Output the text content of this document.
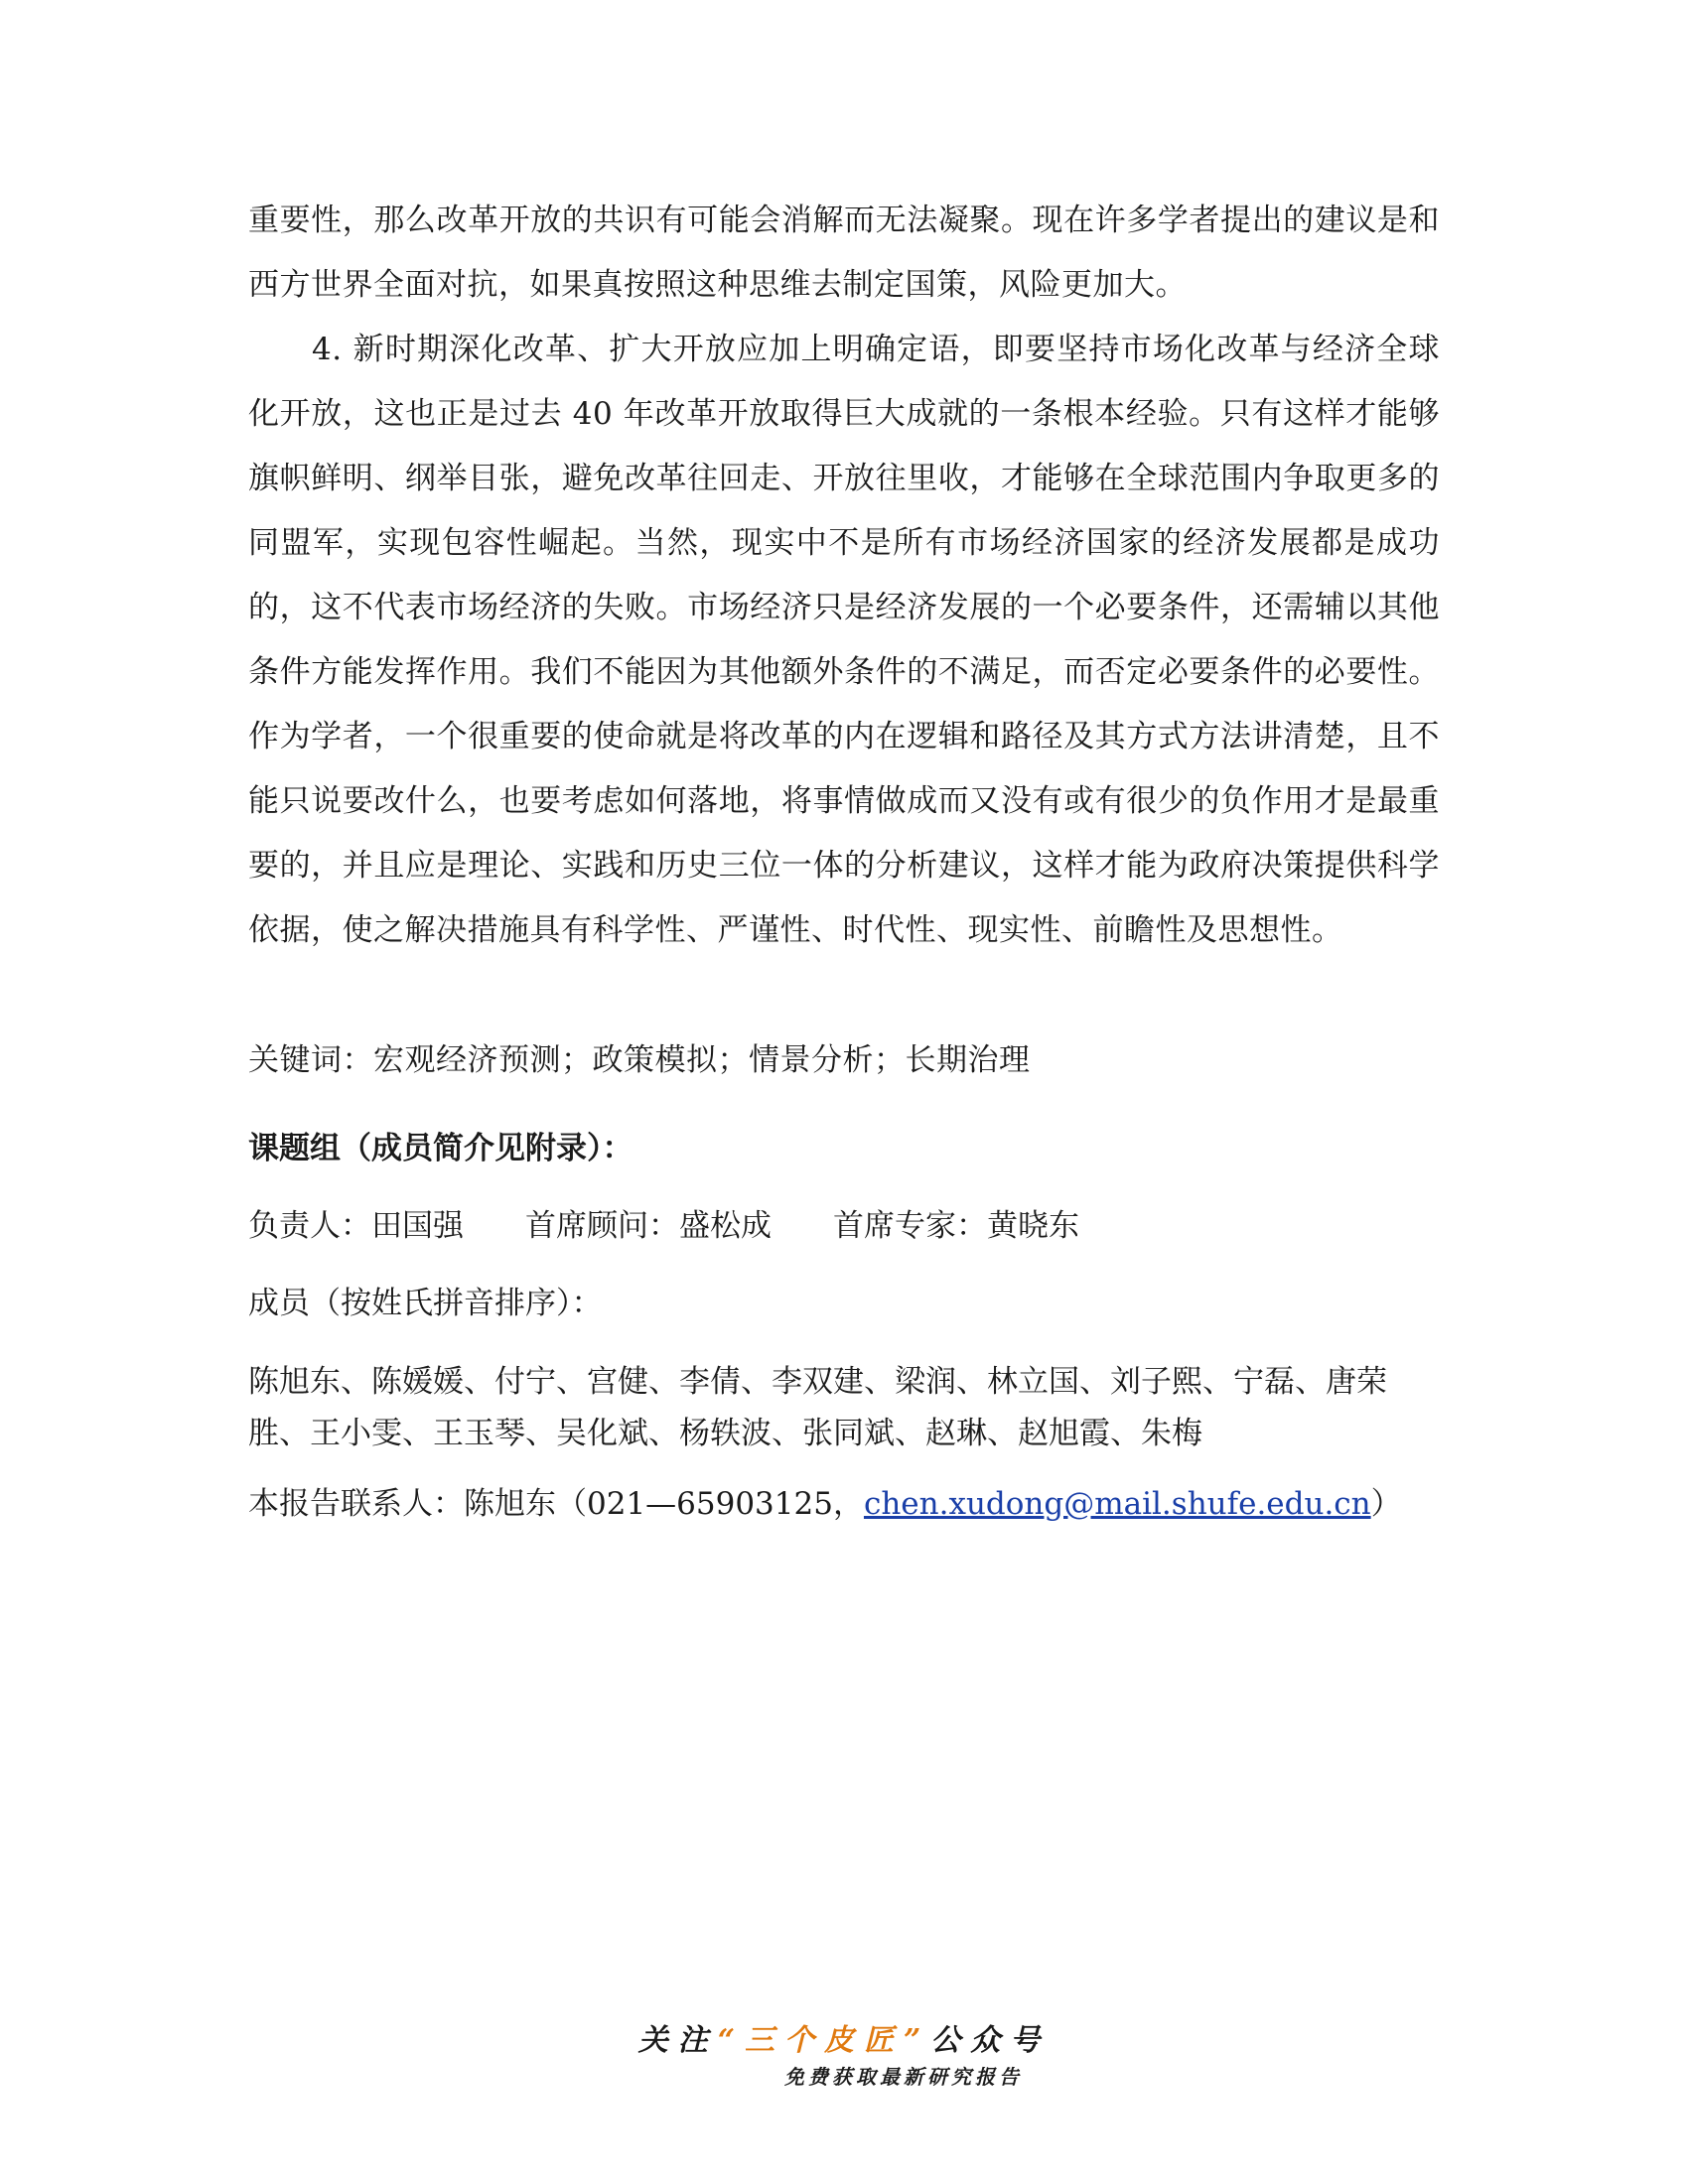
重要性，那么改革开放的共识有可能会消解而无法凝聚。现在许多学者提出的建议是和西方世界全面对抗，如果真按照这种思维去制定国策，风险更加大。

4. 新时期深化改革、扩大开放应加上明确定语，即要坚持市场化改革与经济全球化开放，这也正是过去 40 年改革开放取得巨大成就的一条根本经验。只有这样才能够旗帜鲜明、纲举目张，避免改革往回走、开放往里收，才能够在全球范围内争取更多的同盟军，实现包容性崛起。当然，现实中不是所有市场经济国家的经济发展都是成功的，这不代表市场经济的失败。市场经济只是经济发展的一个必要条件，还需辅以其他条件方能发挥作用。我们不能因为其他额外条件的不满足，而否定必要条件的必要性。作为学者，一个很重要的使命就是将改革的内在逻辑和路径及其方式方法讲清楚，且不能只说要改什么，也要考虑如何落地，将事情做成而又没有或有很少的负作用才是最重要的，并且应是理论、实践和历史三位一体的分析建议，这样才能为政府决策提供科学依据，使之解决措施具有科学性、严谨性、时代性、现实性、前瞻性及思想性。

关键词：宏观经济预测；政策模拟；情景分析；长期治理

课题组（成员简介见附录）：

负责人：田国强 首席顾问：盛松成 首席专家：黄晓东

成员（按姓氏拼音排序）：

陈旭东、陈媛媛、付宁、宫健、李倩、李双建、梁润、林立国、刘子熙、宁磊、唐荣胜、王小雯、王玉琴、吴化斌、杨轶波、张同斌、赵琳、赵旭霞、朱梅

本报告联系人：陈旭东（021—65903125，chen.xudong@mail.shufe.edu.cn）

关注“三个皮匠”公众号

免费获取最新研究报告
